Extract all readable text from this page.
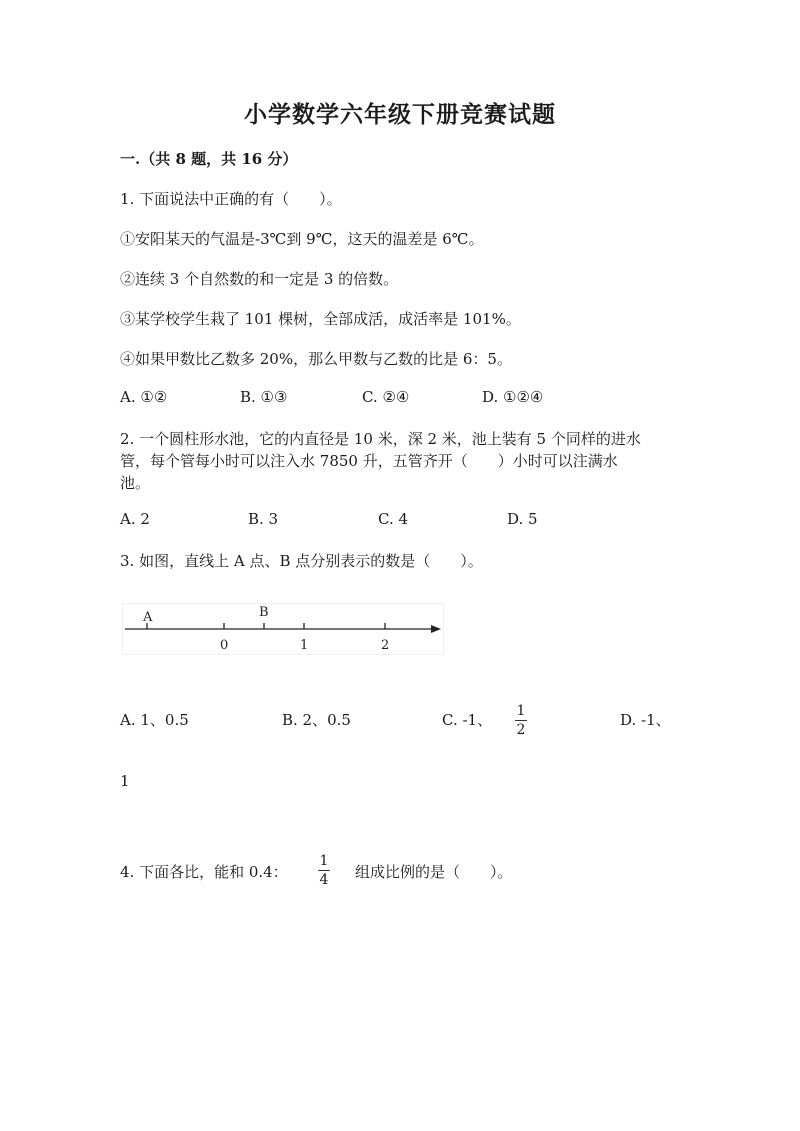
小学数学六年级下册竞赛试题
一.（共 8 题，共 16 分）
1. 下面说法中正确的有（　　）。
①安阳某天的气温是-3℃到 9℃，这天的温差是 6℃。
②连续 3 个自然数的和一定是 3 的倍数。
③某学校学生栽了 101 棵树，全部成活，成活率是 101%。
④如果甲数比乙数多 20%，那么甲数与乙数的比是 6：5。
A. ①②	B. ①③	C. ②④	D. ①②④
2. 一个圆柱形水池，它的内直径是 10 米，深 2 米，池上装有 5 个同样的进水
管，每个管每小时可以注入水 7850 升，五管齐开（　　）小时可以注满水
池。
A. 2	B. 3	C. 4	D. 5
3. 如图，直线上 A 点、B 点分别表示的数是（　　）。
A	B
0	1	2
A. 1、0.5	B. 2、0.5	C. -1、 1
2
D. -1、
1
4. 下面各比，能和 0.4：
1
4 组成比例的是（　　）。
